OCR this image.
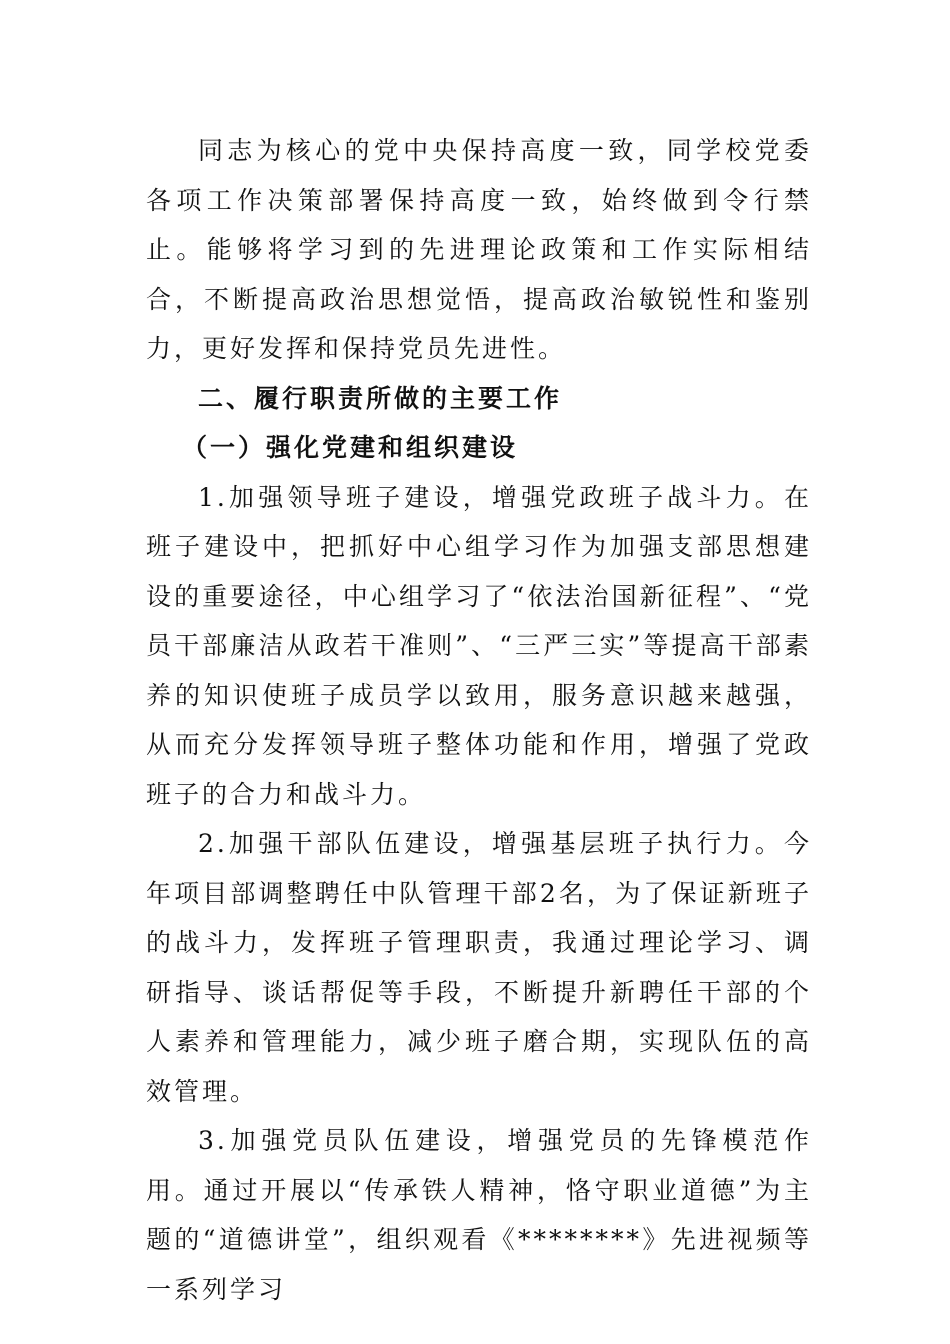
同志为核心的党中央保持高度一致，同学校党委各项工作决策部署保持高度一致，始终做到令行禁止。能够将学习到的先进理论政策和工作实际相结合，不断提高政治思想觉悟，提高政治敏锐性和鉴别力，更好发挥和保持党员先进性。

二、履行职责所做的主要工作

（一）强化党建和组织建设

1.加强领导班子建设，增强党政班子战斗力。在班子建设中，把抓好中心组学习作为加强支部思想建设的重要途径，中心组学习了“依法治国新征程”、“党员干部廉洁从政若干准则”、“三严三实”等提高干部素养的知识使班子成员学以致用，服务意识越来越强，从而充分发挥领导班子整体功能和作用，增强了党政班子的合力和战斗力。

2.加强干部队伍建设，增强基层班子执行力。今年项目部调整聘任中队管理干部2名，为了保证新班子的战斗力，发挥班子管理职责，我通过理论学习、调研指导、谈话帮促等手段，不断提升新聘任干部的个人素养和管理能力，减少班子磨合期，实现队伍的高效管理。

3.加强党员队伍建设，增强党员的先锋模范作用。通过开展以“传承铁人精神，恪守职业道德”为主题的“道德讲堂”，组织观看《********》先进视频等一系列学习
